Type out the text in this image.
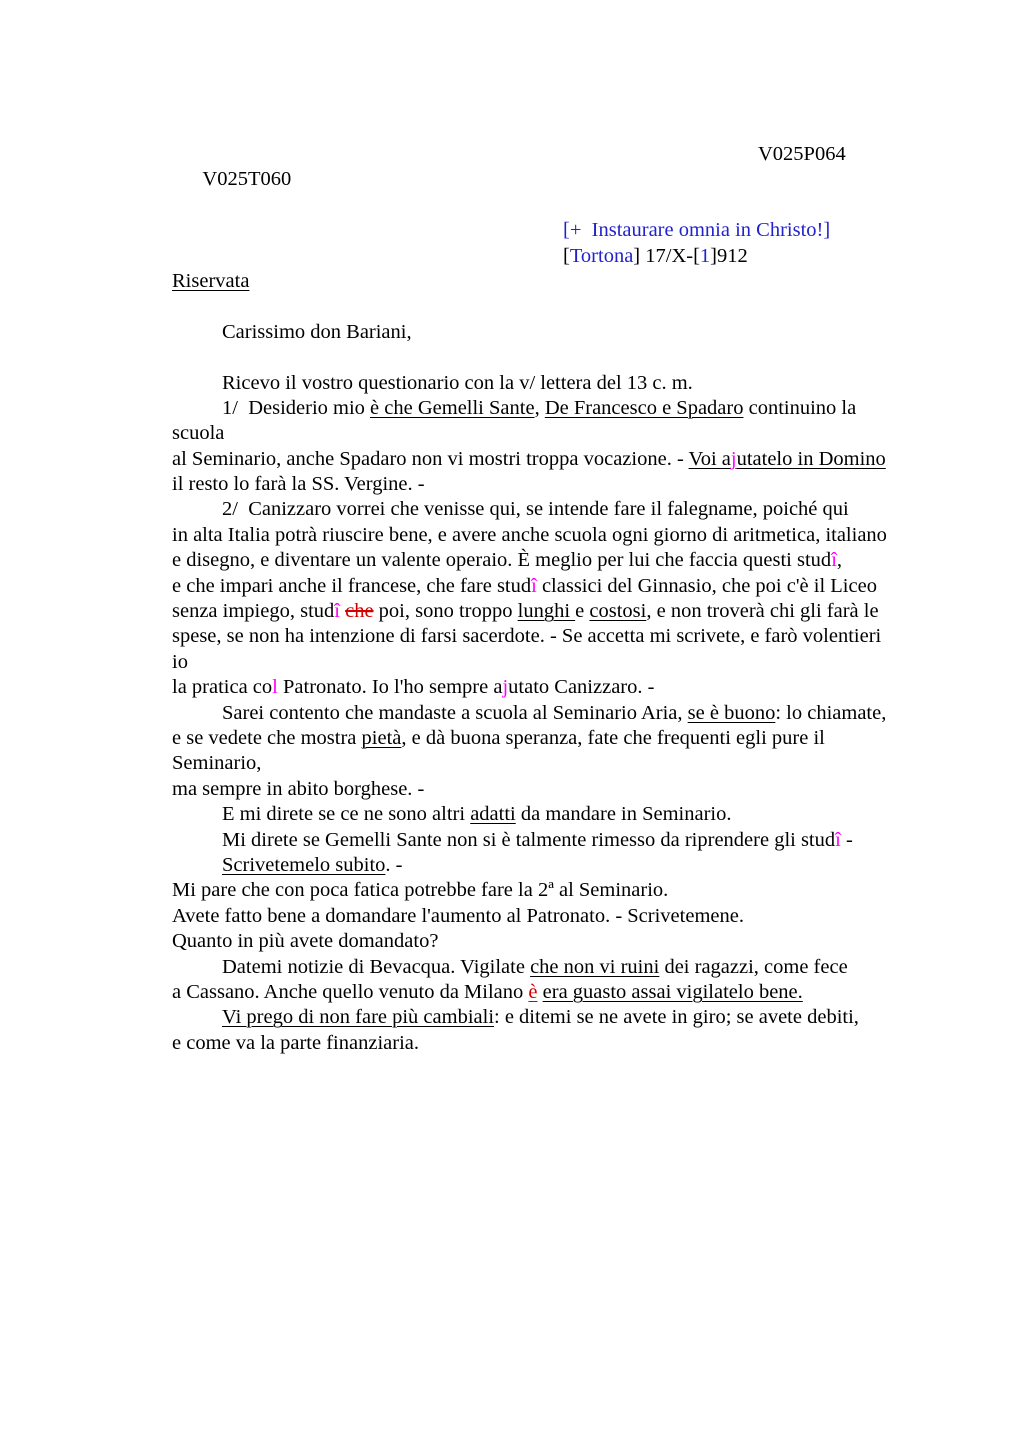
V025T060

V025P064

[+  Instaurare omnia in Christo!]
[Tortona] 17/X-[1]912
Riservata
Carissimo don Bariani,
Ricevo il vostro questionario con la v/ lettera del 13 c. m.
1/  Desiderio mio è che Gemelli Sante, De Francesco e Spadaro continuino la
scuola
al Seminario, anche Spadaro non vi mostri troppa vocazione. - Voi ajutatelo in Domino
il resto lo farà la SS. Vergine. -
2/  Canizzaro vorrei che venisse qui, se intende fare il falegname, poiché qui
in alta Italia potrà riuscire bene, e avere anche scuola ogni giorno di aritmetica, italiano
e disegno, e diventare un valente operaio. È meglio per lui che faccia questi studî,
e che impari anche il francese, che fare studî classici del Ginnasio, che poi c'è il Liceo
senza impiego, studî che poi, sono troppo lunghi e costosi, e non troverà chi gli farà le
spese, se non ha intenzione di farsi sacerdote. - Se accetta mi scrivete, e farò volentieri
io
la pratica col Patronato. Io l'ho sempre ajutato Canizzaro. -
Sarei contento che mandaste a scuola al Seminario Aria, se è buono: lo chiamate,
e se vedete che mostra pietà, e dà buona speranza, fate che frequenti egli pure il
Seminario,
ma sempre in abito borghese. -
E mi direte se ce ne sono altri adatti da mandare in Seminario.
Mi direte se Gemelli Sante non si è talmente rimesso da riprendere gli studî -
Scrivetemelo subito. -
Mi pare che con poca fatica potrebbe fare la 2ª al Seminario.
Avete fatto bene a domandare l'aumento al Patronato. - Scrivetemene.
Quanto in più avete domandato?
Datemi notizie di Bevacqua. Vigilate che non vi ruini dei ragazzi, come fece
a Cassano. Anche quello venuto da Milano è era guasto assai vigilatelo bene.
Vi prego di non fare più cambiali: e ditemi se ne avete in giro; se avete debiti,
e come va la parte finanziaria.
